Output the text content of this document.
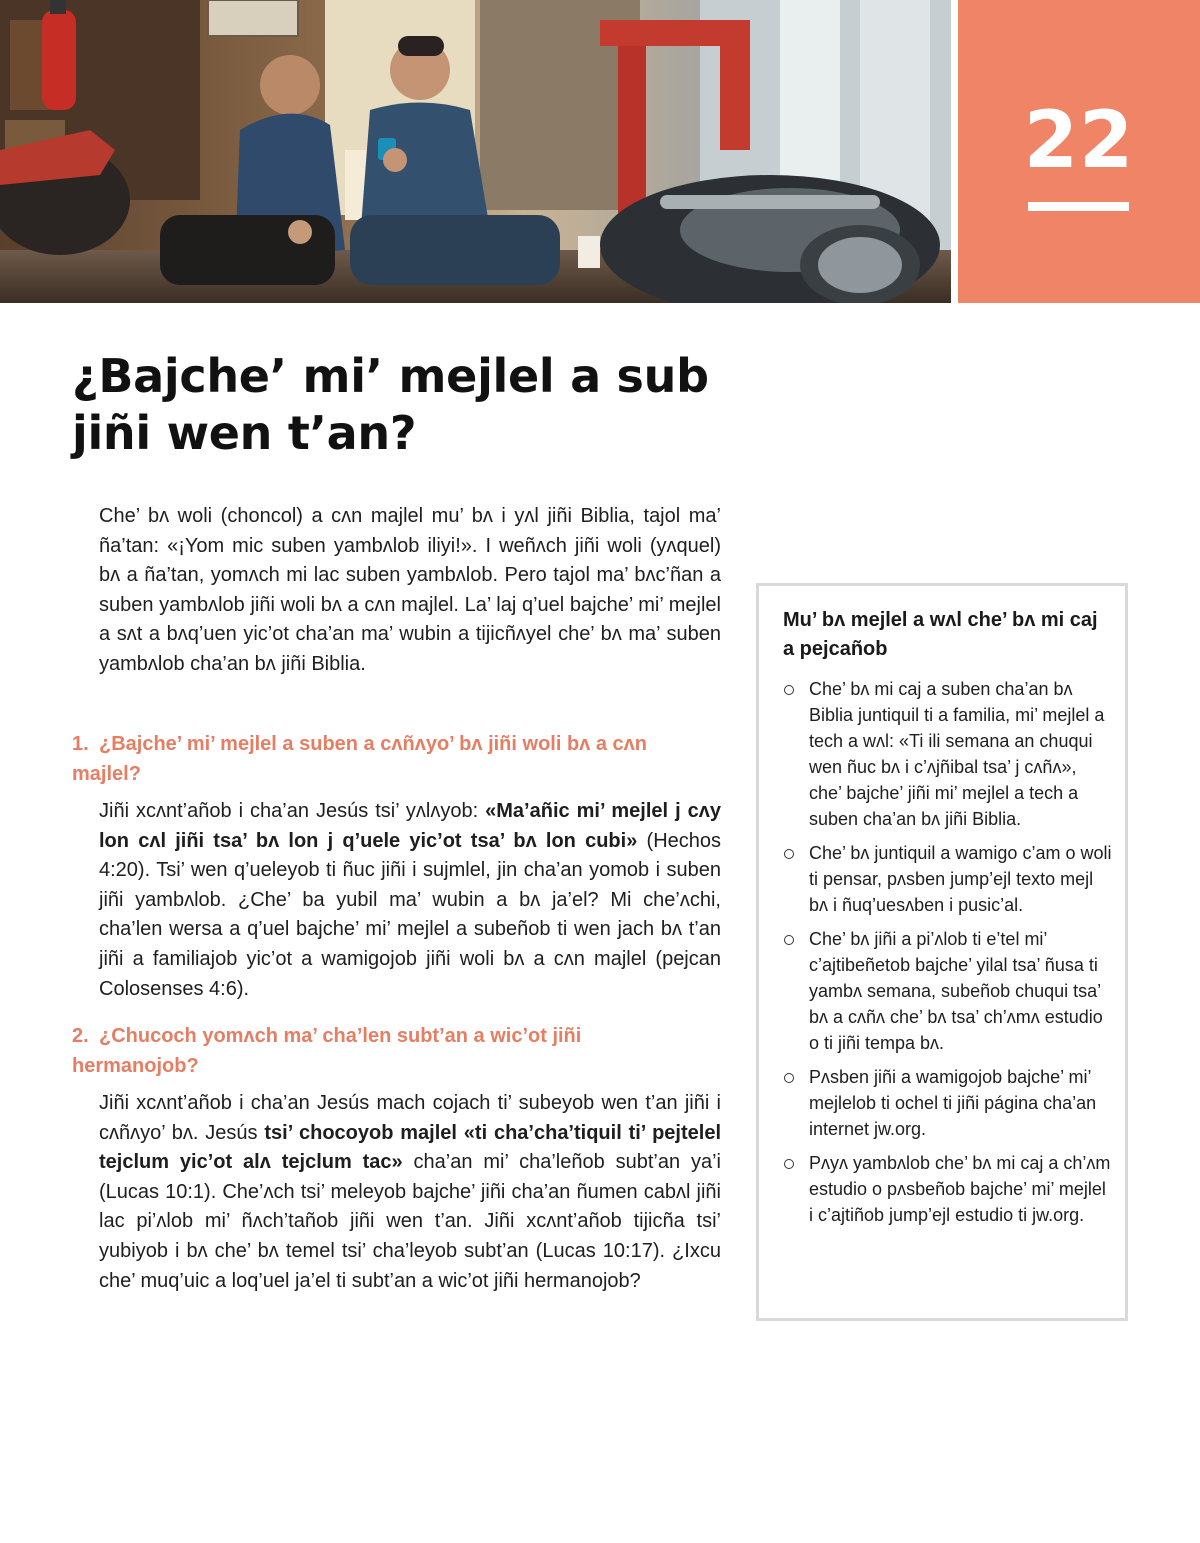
22
¿Bajche’ mi’ mejlel a sub jiñi wen t’an?

Che’ bʌ woli (choncol) a cʌn majlel mu’ bʌ i yʌl jiñi Biblia, tajol ma’ ña’tan: «¡Yom mic suben yambʌlob iliyi!». I weñʌch jiñi woli (yʌquel) bʌ a ña’tan, yomʌch mi lac suben yambʌlob. Pero tajol ma’ bʌc’ñan a suben yambʌlob jiñi woli bʌ a cʌn majlel. La’ laj q’uel bajche’ mi’ mejlel a sʌt a bʌq’uen yic’ot cha’an ma’ wubin a tijicñʌyel che’ bʌ ma’ suben yambʌlob cha’an bʌ jiñi Biblia.

1. ¿Bajche’ mi’ mejlel a suben a cʌñʌyo’ bʌ jiñi woli bʌ a cʌn majlel?

Jiñi xcʌnt’añob i cha’an Jesús tsi’ yʌlʌyob: «Ma’añic mi’ mejlel j cʌy lon cʌl jiñi tsa’ bʌ lon j q’uele yic’ot tsa’ bʌ lon cubi» (Hechos 4:20). Tsi’ wen q’ueleyob ti ñuc jiñi i sujmlel, jin cha’an yomob i suben jiñi yambʌlob. ¿Che’ ba yubil ma’ wubin a bʌ ja’el? Mi che’ʌchi, cha’len wersa a q’uel bajche’ mi’ mejlel a subeñob ti wen jach bʌ t’an jiñi a familiajob yic’ot a wamigojob jiñi woli bʌ a cʌn majlel (pejcan Colosenses 4:6).

2. ¿Chucoch yomʌch ma’ cha’len subt’an a wic’ot jiñi hermanojob?

Jiñi xcʌnt’añob i cha’an Jesús mach cojach ti’ subeyob wen t’an jiñi i cʌñʌyo’ bʌ. Jesús tsi’ chocoyob majlel «ti cha’cha’tiquil ti’ pejtelel tejclum yic’ot alʌ tejclum tac» cha’an mi’ cha’leñob subt’an ya’i (Lucas 10:1). Che’ʌch tsi’ meleyob bajche’ jiñi cha’an ñumen cabʌl jiñi lac pi’ʌlob mi’ ñʌch’tañob jiñi wen t’an. Jiñi xcʌnt’añob tijicña tsi’ yubiyob i bʌ che’ bʌ temel tsi’ cha’leyob subt’an (Lucas 10:17). ¿Ixcu che’ muq’uic a loq’uel ja’el ti subt’an a wic’ot jiñi hermanojob?

Mu’ bʌ mejlel a wʌl che’ bʌ mi caj a pejcañob
Che’ bʌ mi caj a suben cha’an bʌ Biblia juntiquil ti a familia, mi’ mejlel a tech a wʌl: «Ti ili semana an chuqui wen ñuc bʌ i c’ʌjñibal tsa’ j cʌñʌ», che’ bajche’ jiñi mi’ mejlel a tech a suben cha’an bʌ jiñi Biblia.
Che’ bʌ juntiquil a wamigo c’am o woli ti pensar, pʌsben jump’ejl texto mejl bʌ i ñuq’uesʌben i pusic’al.
Che’ bʌ jiñi a pi’ʌlob ti e’tel mi’ c’ajtibeñetob bajche’ yilal tsa’ ñusa ti yambʌ semana, subeñob chuqui tsa’ bʌ a cʌñʌ che’ bʌ tsa’ ch’ʌmʌ estudio o ti jiñi tempa bʌ.
Pʌsben jiñi a wamigojob bajche’ mi’ mejlelob ti ochel ti jiñi página cha’an internet jw.org.
Pʌyʌ yambʌlob che’ bʌ mi caj a ch’ʌm estudio o pʌsbeñob bajche’ mi’ mejlel i c’ajtiñob jump’ejl estudio ti jw.org.
